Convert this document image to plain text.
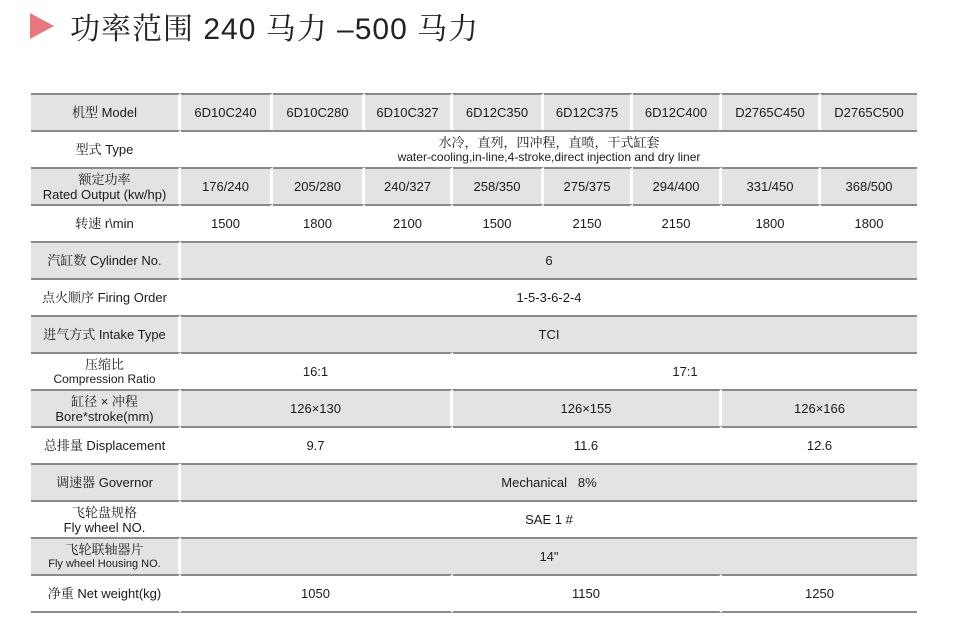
功率范围 240 马力 –500 马力
机型 Model	6D10C240	6D10C280	6D10C327	6D12C350	6D12C375	6D12C400	D2765C450	D2765C500
型式 Type	水冷，直列，四冲程，直喷，干式缸套
water-cooling,in-line,4-stroke,direct injection and dry liner							

额定功率
Rated Output (kw/hp)	176/240	205/280	240/327	258/350	275/375	294/400	331/450	368/500
转速 r\min	1500	1800	2100	1500	2150	2150	1800	1800
汽缸数 Cylinder No.	6							
点火顺序 Firing Order	1-5-3-6-2-4							
进气方式 Intake Type	TCI							

压缩比
Compression Ratio	16:1			17:1				

缸径 × 冲程
Bore*stroke(mm)	126×130			126×155			126×166	
总排量 Displacement	9.7			11.6			12.6	
调速器 Governor	Mechanical   8%							

飞轮盘规格
Fly wheel NO.	SAE 1 #							

飞轮联轴器片
Fly wheel Housing NO.	14"							
净重 Net weight(kg)	1050			1150			1250	
